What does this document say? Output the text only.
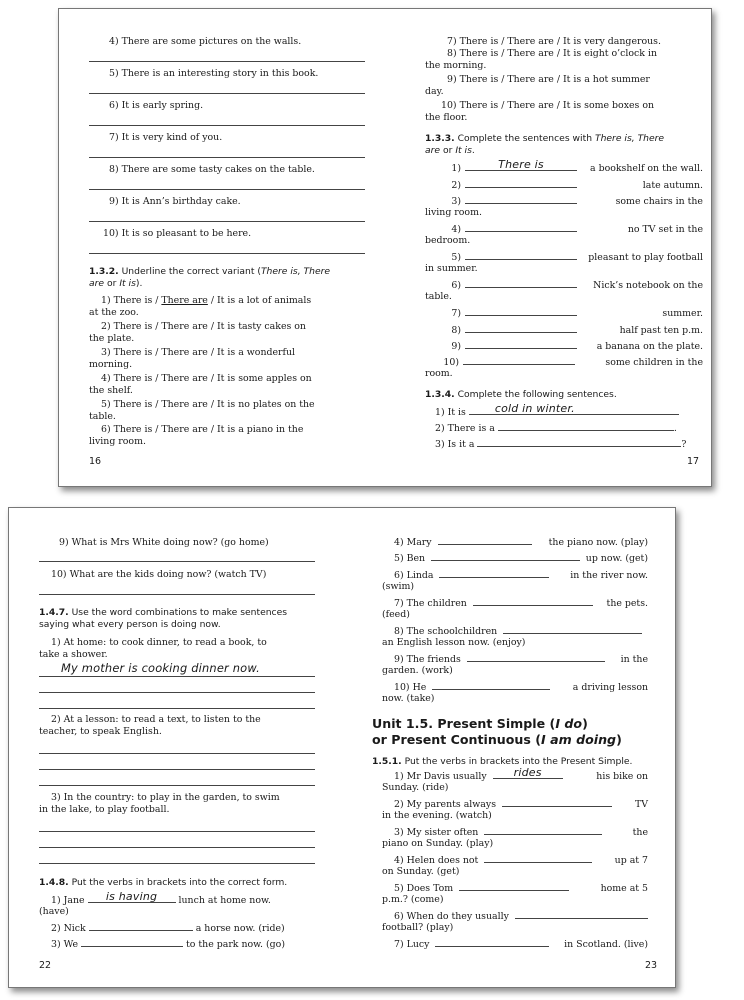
4) There are some pictures on the walls.
5) There is an interesting story in this book.
6) It is early spring.
7) It is very kind of you.
8) There are some tasty cakes on the table.
9) It is Ann’s birthday cake.
10) It is so pleasant to be here.
1.3.2. Underline the correct variant (There is, There
are or It is).
1) There is / There are / It is a lot of animals
at the zoo.
2) There is / There are / It is tasty cakes on
the plate.
3) There is / There are / It is a wonderful
morning.
4) There is / There are / It is some apples on
the shelf.
5) There is / There are / It is no plates on the
table.
6) There is / There are / It is a piano in the
living room.
16
7) There is / There are / It is very dangerous.
8) There is / There are / It is eight o’clock in
the morning.
9) There is / There are / It is a hot summer
day.
10) There is / There are / It is some boxes on
the floor.
1.3.3. Complete the sentences with There is, There
are or It is.
1)	There is	a bookshelf on the wall.
2)	late autumn.
3)	some chairs in the
living room.
4)	no TV set in the
bedroom.
5)	pleasant to play football
in summer.
6)	Nick’s notebook on the
table.
7)	summer.
8)	half past ten p.m.
9)	a banana on the plate.
10)	some children in the
room.
1.3.4. Complete the following sentences.
1) It is	cold in winter.
2) There is a	.
3) Is it a	?
17
9) What is Mrs White doing now? (go home)
10) What are the kids doing now? (watch TV)
1.4.7. Use the word combinations to make sentences
saying what every person is doing now.
1) At home: to cook dinner, to read a book, to
take a shower.
My mother is cooking dinner now.
2) At a lesson: to read a text, to listen to the
teacher, to speak English.
3) In the country: to play in the garden, to swim
in the lake, to play football.
1.4.8. Put the verbs in brackets into the correct form.
1) Jane	is having	lunch at home now.
(have)
2) Nick	a horse now. (ride)
3) We	to the park now. (go)
22
4) Mary	the piano now. (play)
5) Ben	up now. (get)
6) Linda	in the river now.
(swim)
7) The children	the pets.
(feed)
8) The schoolchildren
an English lesson now. (enjoy)
9) The friends	in the
garden. (work)
10) He	a driving lesson
now. (take)
Unit 1.5. Present Simple (I do)
or Present Continuous (I am doing)
1.5.1. Put the verbs in brackets into the Present Simple.
1) Mr Davis usually	rides	his bike on
Sunday. (ride)
2) My parents always	TV
in the evening. (watch)
3) My sister often	the
piano on Sunday. (play)
4) Helen does not	up at 7
on Sunday. (get)
5) Does Tom	home at 5
p.m.? (come)
6) When do they usually
football? (play)
7) Lucy	in Scotland. (live)
23
